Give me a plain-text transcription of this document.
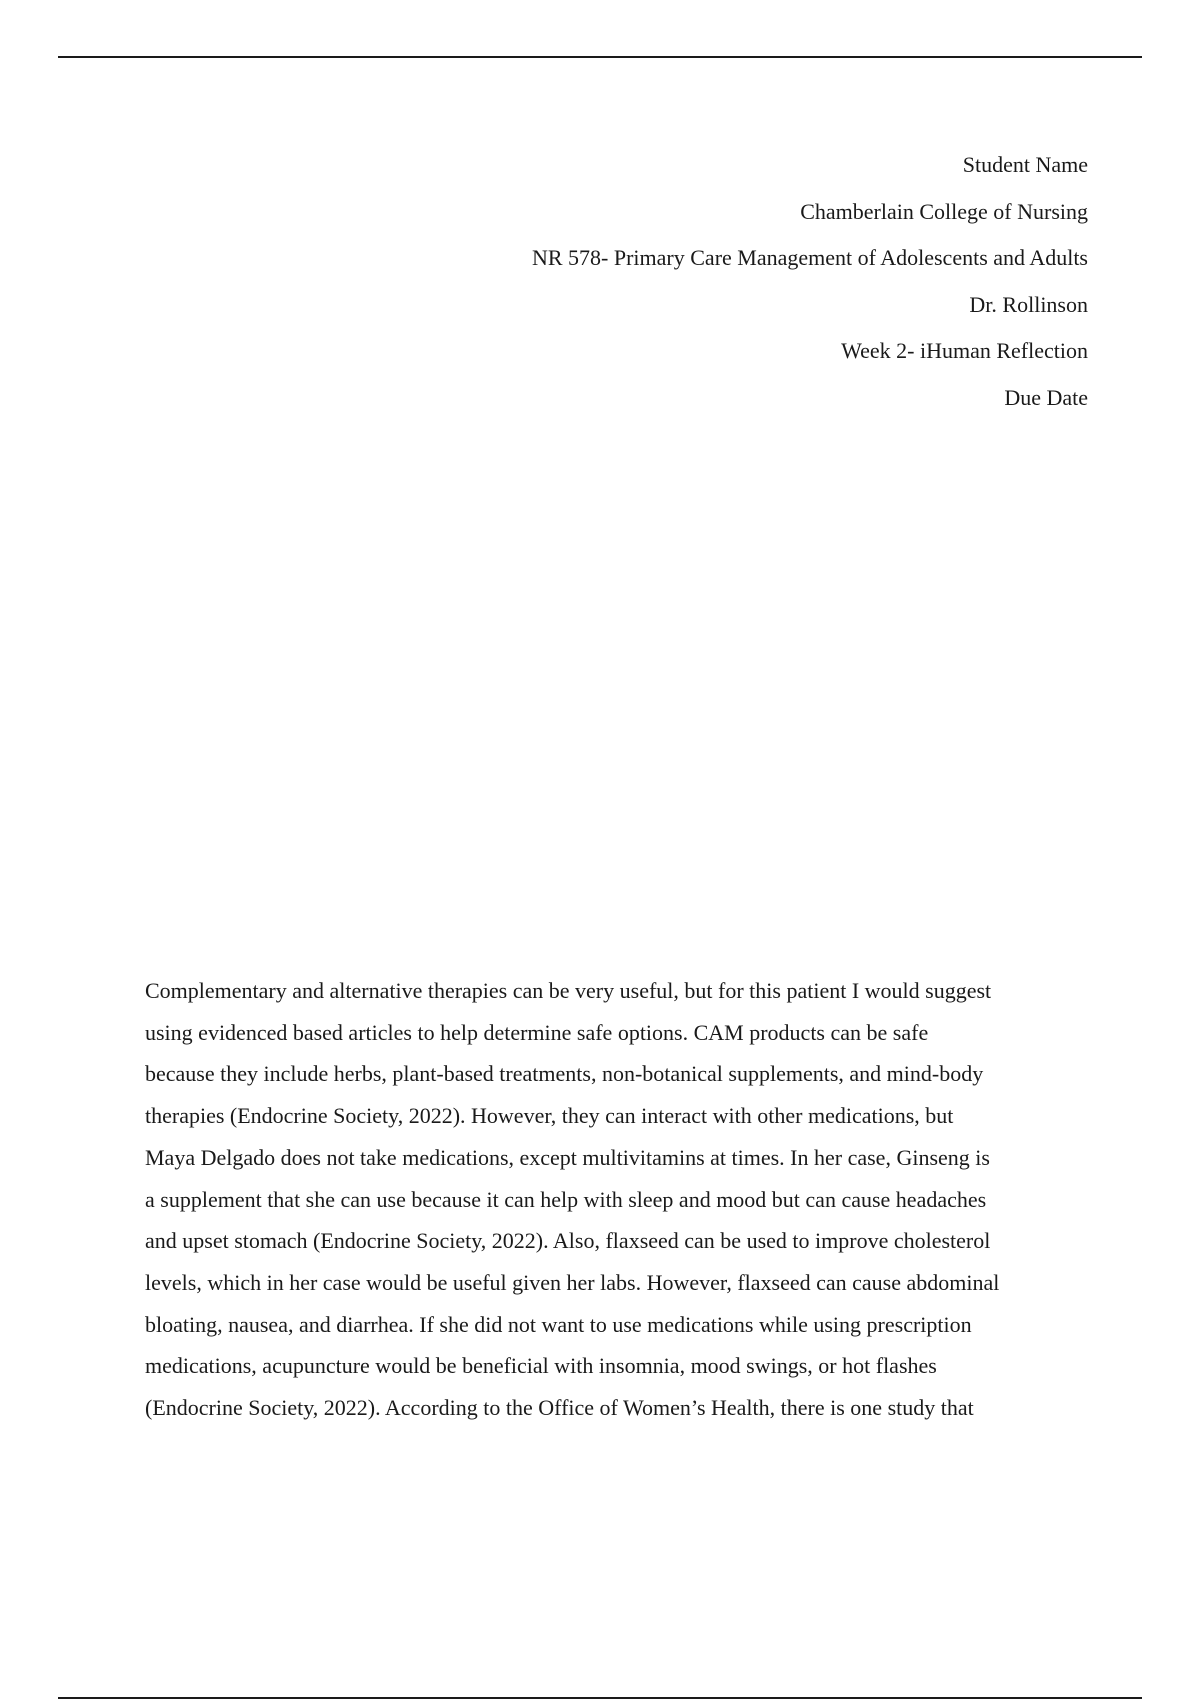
Student Name
Chamberlain College of Nursing
NR 578- Primary Care Management of Adolescents and Adults
Dr. Rollinson
Week 2- iHuman Reflection
Due Date
Complementary and alternative therapies can be very useful, but for this patient I would suggest
using evidenced based articles to help determine safe options. CAM products can be safe
because they include herbs, plant-based treatments, non-botanical supplements, and mind-body
therapies (Endocrine Society, 2022). However, they can interact with other medications, but
Maya Delgado does not take medications, except multivitamins at times. In her case, Ginseng is
a supplement that she can use because it can help with sleep and mood but can cause headaches
and upset stomach (Endocrine Society, 2022). Also, flaxseed can be used to improve cholesterol
levels, which in her case would be useful given her labs. However, flaxseed can cause abdominal
bloating, nausea, and diarrhea. If she did not want to use medications while using prescription
medications, acupuncture would be beneficial with insomnia, mood swings, or hot flashes
(Endocrine Society, 2022). According to the Office of Women’s Health, there is one study that
